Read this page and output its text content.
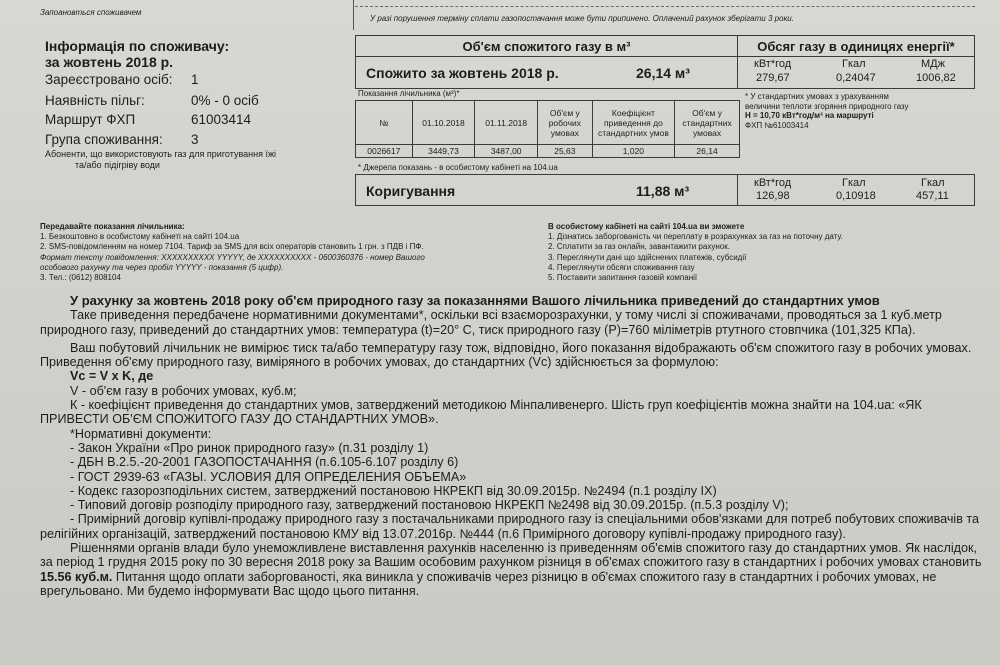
Запоановться споживачем
У разі порушення терміну сплати газопостачання може бути припинено. Оплачений рахунок зберігати 3 роки.
Інформація по споживачу:
за жовтень 2018 р.
Зареєстровано осіб: 1
Наявність пільг:	0% - 0 осіб
Маршрут ФХП	61003414
Група споживання: 3
Абоненти, що використовують газ для приготування їжі
та/або підігріву води
Об'єм спожитого газу в м³	Обсяг газу в одиницях енергії*
Спожито за жовтень 2018 р.	26,14 м³
кВт*год	Гкал	МДж
279,67	0,24047	1006,82
Показання лічильника (м³)*
№	01.10.2018	01.11.2018	Об'єм у робочих умовах	Коефіцієнт приведення до стандартних умов	Об'єм у стандартних умовах
0026617	3449,73	3487,00	25,63	1,020	26,14
* Джерела показань - в особистому кабінеті на 104.ua
* У стандартних умовах з урахуванням
величини теплоти згоряння природного газу
Н = 10,70 кВт*год/м³ на маршруті
ФХП №61003414
Коригування	11,88 м³	кВт*год	Гкал	Гкал
126,98	0,10918	457,11
Передавайте показання лічильника:
1. Безкоштовно в особистому кабінеті на сайті 104.ua
2. SMS-повідомленням на номер 7104. Тариф за SMS для всіх операторів становить 1 грн. з ПДВ і ПФ.
Формат тексту повідомлення: XXXXXXXXXX YYYYY, де XXXXXXXXXX - 0600360376 - номер Вашого
особового рахунку та через пробіл YYYYY - показання (5 цифр).
3. Тел.: (0612) 808104
В особистому кабінеті на сайті 104.ua ви зможете
1. Дізнатись заборгованість чи переплату в розрахунках за газ на поточну дату.
2. Сплатити за газ онлайн, завантажити рахунок.
3. Переглянути дані що здійснених платежів, субсидії
4. Переглянути обсяги споживання газу
5. Поставити запитання газовій компанії

У рахунку за жовтень 2018 року об'єм природного газу за показаннями Вашого лічильника приведений до стандартних умов

Таке приведення передбачене нормативними документами*, оскільки всі взаєморозрахунки, у тому числі зі споживачами, проводяться за 1 куб.метр природного газу, приведений до стандартних умов: температура (t)=20° C, тиск природного газу (P)=760 міліметрів ртутного стовпчика (101,325 КПа).

Ваш побутовий лічильник не вимірює тиск та/або температуру газу тож, відповідно, його показання відображають об'єм спожитого газу в робочих умовах. Приведення об'єму природного газу, виміряного в робочих умовах, до стандартних (Vс) здійснюється за формулою:

Vc = V x K, де

V - об'єм газу в робочих умовах, куб.м;

К - коефіцієнт приведення до стандартних умов, затверджений методикою Мінпаливенерго. Шість груп коефіцієнтів можна знайти на 104.ua: «ЯК ПРИВЕСТИ ОБ'ЄМ СПОЖИТОГО ГАЗУ ДО СТАНДАРТНИХ УМОВ».

*Нормативні документи:

- Закон України «Про ринок природного газу» (п.31 розділу 1)

- ДБН В.2.5.-20-2001 ГАЗОПОСТАЧАННЯ (п.6.105-6.107 розділу 6)

- ГОСТ 2939-63 «ГАЗЫ. УСЛОВИЯ ДЛЯ ОПРЕДЕЛЕНИЯ ОБЪЕМА»

- Кодекс газорозподільних систем, затверджений постановою НКРЕКП від 30.09.2015р. №2494 (п.1 розділу IX)

- Типовий договір розподілу природного газу, затверджений постановою НКРЕКП №2498 від 30.09.2015р. (п.5.3 розділу V);

- Примірний договір купівлі-продажу природного газу з постачальниками природного газу із спеціальними обов'язками для потреб побутових споживачів та релігійних організацій, затверджений постановою КМУ від 13.07.2016р. №444 (п.6 Примірного договору купівлі-продажу природного газу).

Рішеннями органів влади було унеможливлене виставлення рахунків населенню із приведенням об'ємів спожитого газу до стандартних умов. Як наслідок, за період 1 грудня 2015 року по 30 вересня 2018 року за Вашим особовим рахунком різниця в об'ємах спожитого газу в стандартних і робочих умовах становить 15.56 куб.м. Питання щодо оплати заборгованості, яка виникла у споживачів через різницю в об'ємах спожитого газу в стандартних і робочих умовах, не врегульовано. Ми будемо інформувати Вас щодо цього питання.
